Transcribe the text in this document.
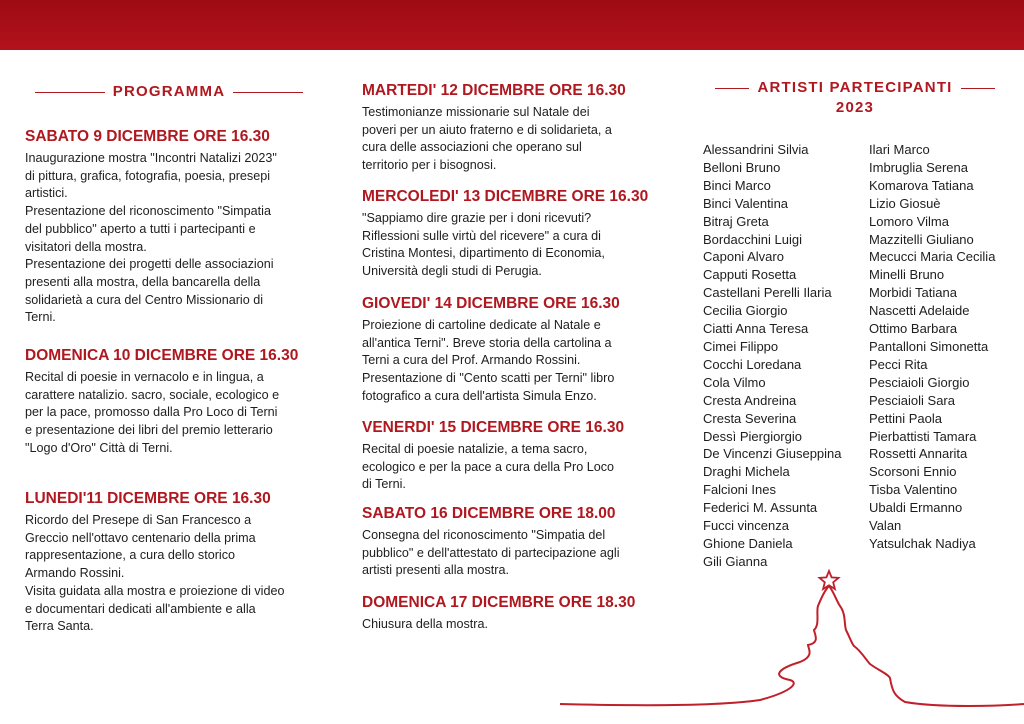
PROGRAMMA
SABATO 9 DICEMBRE ORE 16.30

Inaugurazione mostra "Incontri Natalizi 2023"
di pittura, grafica, fotografia, poesia, presepi
artistici.
Presentazione del riconoscimento "Simpatia
del pubblico" aperto a tutti i partecipanti e
visitatori della mostra.
Presentazione dei progetti delle associazioni
presenti alla mostra, della bancarella della
solidarietà a cura del Centro Missionario di
Terni.

DOMENICA 10 DICEMBRE ORE 16.30

Recital di poesie in vernacolo e in lingua, a
carattere natalizio. sacro, sociale, ecologico e
per la pace, promosso dalla Pro Loco di Terni
e presentazione dei libri del premio letterario
"Logo d'Oro" Città di Terni.

LUNEDI'11 DICEMBRE ORE 16.30

Ricordo del Presepe di San Francesco a
Greccio nell'ottavo centenario della prima
rappresentazione, a cura dello storico
Armando Rossini.
Visita guidata alla mostra e proiezione di video
e documentari dedicati all'ambiente e alla
Terra Santa.

MARTEDI' 12 DICEMBRE ORE 16.30

Testimonianze missionarie sul Natale dei
poveri per un aiuto fraterno e di solidarieta, a
cura delle associazioni che operano sul
territorio per i bisognosi.

MERCOLEDI' 13 DICEMBRE ORE 16.30

"Sappiamo dire grazie per i doni ricevuti?
Riflessioni sulle virtù del ricevere" a cura di
Cristina Montesi, dipartimento di Economia,
Università degli studi di Perugia.

GIOVEDI' 14 DICEMBRE ORE 16.30

Proiezione di cartoline dedicate al Natale e
all'antica Terni". Breve storia della cartolina a
Terni a cura del Prof. Armando Rossini.
Presentazione di "Cento scatti per Terni" libro
fotografico a cura dell'artista Simula Enzo.

VENERDI' 15 DICEMBRE ORE 16.30

Recital di poesie natalizie, a tema sacro,
ecologico e per la pace a cura della Pro Loco
di Terni.

SABATO 16 DICEMBRE ORE 18.00

Consegna del riconoscimento "Simpatia del
pubblico" e dell'attestato di partecipazione agli
artisti presenti alla mostra.

DOMENICA 17 DICEMBRE ORE 18.30

Chiusura della mostra.

ARTISTI PARTECIPANTI
2023
Alessandrini Silvia
Belloni Bruno
Binci Marco
Binci Valentina
Bitraj Greta
Bordacchini Luigi
Caponi Alvaro
Capputi Rosetta
Castellani Perelli Ilaria
Cecilia Giorgio
Ciatti Anna Teresa
Cimei Filippo
Cocchi Loredana
Cola Vilmo
Cresta Andreina
Cresta Severina
Dessì Piergiorgio
De Vincenzi Giuseppina
Draghi Michela
Falcioni Ines
Federici M. Assunta
Fucci vincenza
Ghione Daniela
Gili Gianna
Ilari Marco
Imbruglia Serena
Komarova Tatiana
Lizio Giosuè
Lomoro Vilma
Mazzitelli Giuliano
Mecucci Maria Cecilia
Minelli Bruno
Morbidi Tatiana
Nascetti Adelaide
Ottimo Barbara
Pantalloni Simonetta
Pecci Rita
Pesciaioli Giorgio
Pesciaioli Sara
Pettini Paola
Pierbattisti Tamara
Rossetti Annarita
Scorsoni Ennio
Tisba Valentino
Ubaldi Ermanno
Valan
Yatsulchak Nadiya
